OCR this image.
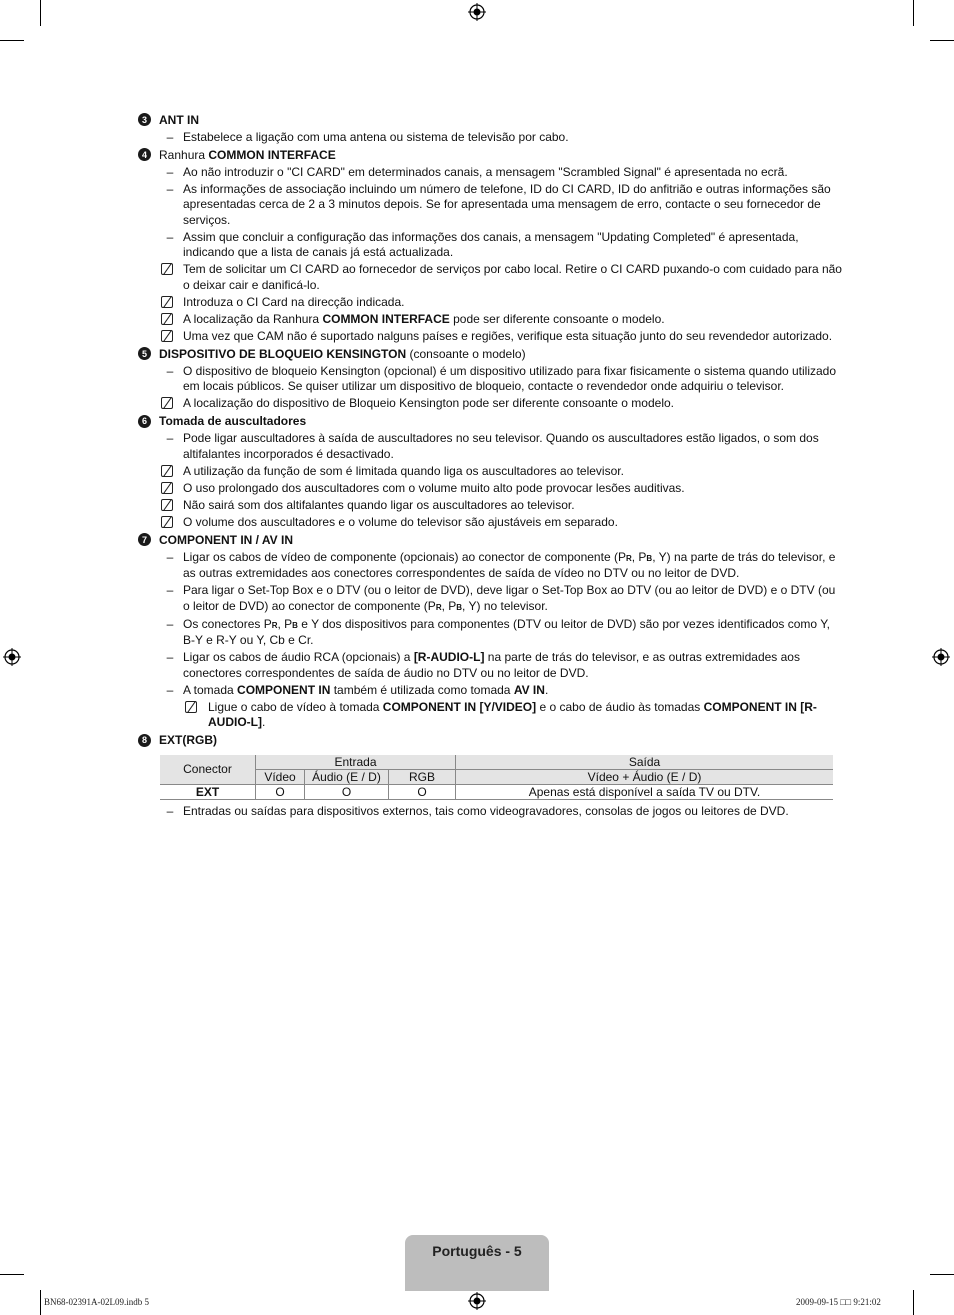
3	ANT IN
– Estabelece a ligação com uma antena ou sistema de televisão por cabo.
4	Ranhura COMMON INTERFACE
– Ao não introduzir o "CI CARD" em determinados canais, a mensagem "Scrambled Signal" é apresentada no ecrã.
– As informações de associação incluindo um número de telefone, ID do CI CARD, ID do anfitrião e outras informações são apresentadas cerca de 2 a 3 minutos depois. Se for apresentada uma mensagem de erro, contacte o seu fornecedor de serviços.
– Assim que concluir a configuração das informações dos canais, a mensagem "Updating Completed" é apresentada, indicando que a lista de canais já está actualizada.
Tem de solicitar um CI CARD ao fornecedor de serviços por cabo local. Retire o CI CARD puxando-o com cuidado para não o deixar cair e danificá-lo.
Introduza o CI Card na direcção indicada.
A localização da Ranhura COMMON INTERFACE pode ser diferente consoante o modelo.
Uma vez que CAM não é suportado nalguns países e regiões, verifique esta situação junto do seu revendedor autorizado.
5	DISPOSITIVO DE BLOQUEIO KENSINGTON (consoante o modelo)
– O dispositivo de bloqueio Kensington (opcional) é um dispositivo utilizado para fixar fisicamente o sistema quando utilizado em locais públicos. Se quiser utilizar um dispositivo de bloqueio, contacte o revendedor onde adquiriu o televisor.
A localização do dispositivo de Bloqueio Kensington pode ser diferente consoante o modelo.
6	Tomada de auscultadores
– Pode ligar auscultadores à saída de auscultadores no seu televisor. Quando os auscultadores estão ligados, o som dos altifalantes incorporados é desactivado.
A utilização da função de som é limitada quando liga os auscultadores ao televisor.
O uso prolongado dos auscultadores com o volume muito alto pode provocar lesões auditivas.
Não sairá som dos altifalantes quando ligar os auscultadores ao televisor.
O volume dos auscultadores e o volume do televisor são ajustáveis em separado.
7	COMPONENT IN / AV IN
– Ligar os cabos de vídeo de componente (opcionais) ao conector de componente (PR, PB, Y) na parte de trás do televisor, e as outras extremidades aos conectores correspondentes de saída de vídeo no DTV ou no leitor de DVD.
– Para ligar o Set-Top Box e o DTV (ou o leitor de DVD), deve ligar o Set-Top Box ao DTV (ou ao leitor de DVD) e o DTV (ou o leitor de DVD) ao conector de componente (PR, PB, Y) no televisor.
– Os conectores PR, PB e Y dos dispositivos para componentes (DTV ou leitor de DVD) são por vezes identificados como Y, B-Y e R-Y ou Y, Cb e Cr.
– Ligar os cabos de áudio RCA (opcionais) a [R-AUDIO-L] na parte de trás do televisor, e as outras extremidades aos conectores correspondentes de saída de áudio no DTV ou no leitor de DVD.
– A tomada COMPONENT IN também é utilizada como tomada AV IN.
Ligue o cabo de vídeo à tomada COMPONENT IN [Y/VIDEO] e o cabo de áudio às tomadas COMPONENT IN [R-AUDIO-L].
8	EXT(RGB)
Conector	Entrada			Saída
	Vídeo	Áudio (E / D)	RGB	Vídeo + Áudio (E / D)
EXT	O	O	O	Apenas está disponível a saída TV ou DTV.
– Entradas ou saídas para dispositivos externos, tais como videogravadores, consolas de jogos ou leitores de DVD.
Português - 5
BN68-02391A-02L09.indb 5	2009-09-15 □□ 9:21:02
